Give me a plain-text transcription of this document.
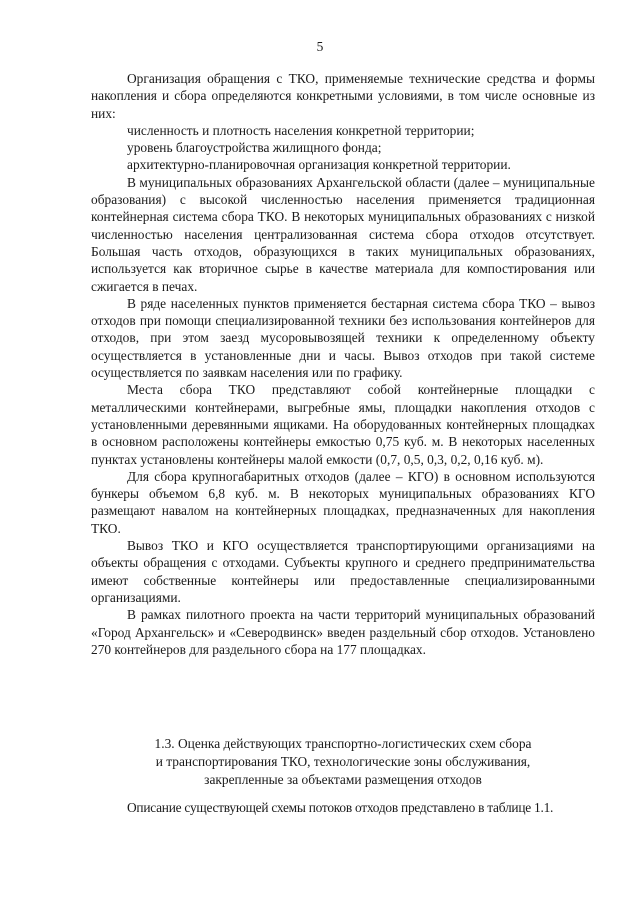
5

Организация обращения с ТКО, применяемые технические средства и формы накопления и сбора определяются конкретными условиями, в том числе основные из них:

численность и плотность населения конкретной территории;

уровень благоустройства жилищного фонда;

архитектурно-планировочная организация конкретной территории.

В муниципальных образованиях Архангельской области (далее – муниципальные образования) с высокой численностью населения применяется традиционная контейнерная система сбора ТКО. В некоторых муниципальных образованиях с низкой численностью населения централизованная система сбора отходов отсутствует. Большая часть отходов, образующихся в таких муниципальных образованиях, используется как вторичное сырье в качестве материала для компостирования или сжигается в печах.

В ряде населенных пунктов применяется бестарная система сбора ТКО – вывоз отходов при помощи специализированной техники без использования контейнеров для отходов, при этом заезд мусоровывозящей техники к определенному объекту осуществляется в установленные дни и часы. Вывоз отходов при такой системе осуществляется по заявкам населения или по графику.

Места сбора ТКО представляют собой контейнерные площадки с металлическими контейнерами, выгребные ямы, площадки накопления отходов с установленными деревянными ящиками. На оборудованных контейнерных площадках в основном расположены контейнеры емкостью 0,75 куб. м. В некоторых населенных пунктах установлены контейнеры малой емкости (0,7, 0,5, 0,3, 0,2, 0,16 куб. м).

Для сбора крупногабаритных отходов (далее – КГО) в основном используются бункеры объемом 6,8 куб. м. В некоторых муниципальных образованиях КГО размещают навалом на контейнерных площадках, предназначенных для накопления ТКО.

Вывоз ТКО и КГО осуществляется транспортирующими организациями на объекты обращения с отходами. Субъекты крупного и среднего предпринимательства имеют собственные контейнеры или предоставленные специализированными организациями.

В рамках пилотного проекта на части территорий муниципальных образований «Город Архангельск» и «Северодвинск» введен раздельный сбор отходов. Установлено 270 контейнеров для раздельного сбора на 177 площадках.

1.3. Оценка действующих транспортно-логистических схем сбора
и транспортирования ТКО, технологические зоны обслуживания,
закрепленные за объектами размещения отходов

Описание существующей схемы потоков отходов представлено в таблице 1.1.
